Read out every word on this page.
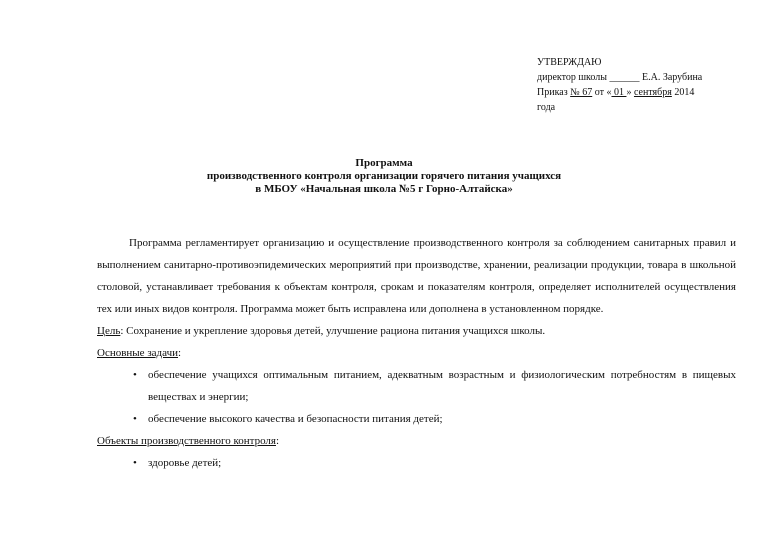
УТВЕРЖДАЮ
директор школы ______ Е.А. Зарубина
Приказ № 67 от « 01 » сентября 2014
года
Программа
производственного контроля организации горячего питания учащихся
в МБОУ «Начальная школа №5 г Горно-Алтайска»

Программа регламентирует организацию и осуществление производственного контроля за соблюдением санитарных правил и выполнением санитарно-противоэпидемических мероприятий при производстве, хранении, реализации продукции, товара в школьной столовой, устанавливает требования к объектам контроля, срокам и показателям контроля, определяет исполнителей осуществления тех или иных видов контроля. Программа может быть исправлена или дополнена в установленном порядке.

Цель: Сохранение и укрепление здоровья детей, улучшение рациона питания учащихся школы.

Основные задачи:

• обеспечение учащихся оптимальным питанием, адекватным возрастным и физиологическим потребностям в пищевых веществах и энергии;
• обеспечение высокого качества и безопасности питания детей;

Объекты производственного контроля:

• здоровье детей;
